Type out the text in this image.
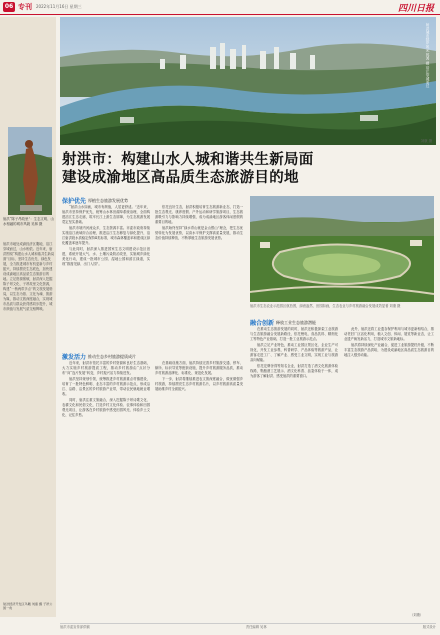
06 专刊 2022年11月16日 星期三	四川日报
射洪“陈子昂故里”：生态文明、山水相融的城市风貌 吴林 摄
射洪市地处成渝经济区腹地，涪江穿城而过，山水相依。近年来，射洪围绕“构建山水人城和谐共生新局面”目标，坚持生态优先、绿色发展，全力推进城市有机更新与乡村振兴，持续擦亮生态底色，加快建设成渝地区高品质生态旅游目的地。立足资源禀赋，射洪深入挖掘陈子昂文化、子昂故里文化资源，构建“一核两带多点”的文旅发展格局，以生态为基、文化为魂、旅游为媒，推动文旅深度融合，实现城市品质与群众获得感同步提升，城市颜值与发展气质交相辉映。
射洪经济开发区鸟瞰 刘康 摄 子昂公园一角
刘康 摄
射洪城市绿岸风光 郭鸿 摄 涪江穿城而过
射洪市：构建山水人城和谐共生新局面
建设成渝地区高品质生态旅游目的地
保护优先 厚植生态旅游发展优势

“射洪山水如画，城市有颜值，人居更舒适。”近年来，射洪市坚持保护优先，统筹山水林田湖草系统治理，全面构建涪江生态走廊，筑牢长江上游生态屏障，为生态旅游发展奠定坚实基础。

射洪市境内河流众多，生态资源丰富。市委市政府持续实施涪江流域综合治理，推进沿江生态修复与绿化提升，涪江射洪段水质稳定保持Ⅱ类标准，城市森林覆盖率和建成区绿化覆盖率逐年提升。

与此同时，射洪深入推进国家生态文明建设示范区创建，系统开展大气、水、土壤污染防治攻坚，实施城乡绿化美化行动，建成一批城市公园、湿地公园和滨江绿道，实现“推窗见绿、出门入园”。

依托良好生态，射洪积极培育生态旅游新业态，打造一批生态观光、康养度假、户外运动和研学旅游项目，生态旅游吸引力与影响力持续增强，成为成渝地区游客休闲度假的重要目的地。

射洪始终坚持“绿水青山就是金山银山”理念，把生态优势转化为发展优势，以高水平保护支撑高质量发展，推动生态价值持续释放，不断厚植生态旅游发展优势。

激发活力 推动生态乡村旅游提质成片

近年来，射洪市依托丰富的乡村资源和良好生态基础，大力实施乡村旅游提质工程，推动乡村旅游由“点状分布”向“连片发展”转变，乡村振兴活力持续迸发。

射洪坚持规划引领，统筹推进乡村旅游重点村镇建设，培育了一批特色鲜明、业态丰富的乡村旅游示范点，形成沿江、沿路、沿景区的乡村旅游产业带，带动农民就地就业增收。

同时，射洪注重文旅融合，深入挖掘陈子昂诗歌文化、农耕文化和民俗文化，打造乡村文化体验、农事体验和田园观光项目，让游客在乡村旅游中感受田园风光、体验乡土文化、记住乡愁。

在基础设施方面，射洪持续完善乡村旅游交通、停车、厕所、标识导览等配套设施，提升乡村旅游服务品质，推动乡村旅游品牌化、标准化、规范化发展。

下一步，射洪将继续推进农文旅深度融合，做优做强乡村旅游，持续擦亮生态乡村旅游名片，以乡村旅游高质量发展助推乡村全面振兴。

射洪市生态农业示范园区航拍图，绿意盎然、田园如画，生态农业与乡村旅游融合发展成效显著 刘康 摄
融合创新 释放工业生态旅游潜能

在推动生态旅游发展的同时，射洪还积极探索工业旅游与生态旅游融合发展新路径，依托锂电、食品饮料、精细化工等特色产业基础，打造一批工业旅游示范点。

射洪立足产业特色，推动工业园区景区化、企业生产可视化，开发工业参观、科普研学、产品体验等旅游产品，让游客走进工厂、了解产业、感受工业文明，实现工业与旅游双向赋能。

依托沱牌舍得等知名企业，射洪打造了酒文化旅游体验线路，集酿酒工艺展示、酒文化科普、品鉴体验于一体，成为游客了解射洪、感受射洪的重要窗口。

此外，射洪还将工业遗存保护利用与城市更新相结合，推动老旧厂区活化利用，植入文创、休闲、展览等新业态，让工业遗产焕发新活力，打造城市文旅新地标。

射洪将持续深化产业融合，促进工业旅游提档升级，不断丰富生态旅游产品供给，为建设成渝地区高品质生态旅游目的地注入强劲动能。

（刘康）
射洪市委宣传部供稿	责任编辑 吴林	版式设计
